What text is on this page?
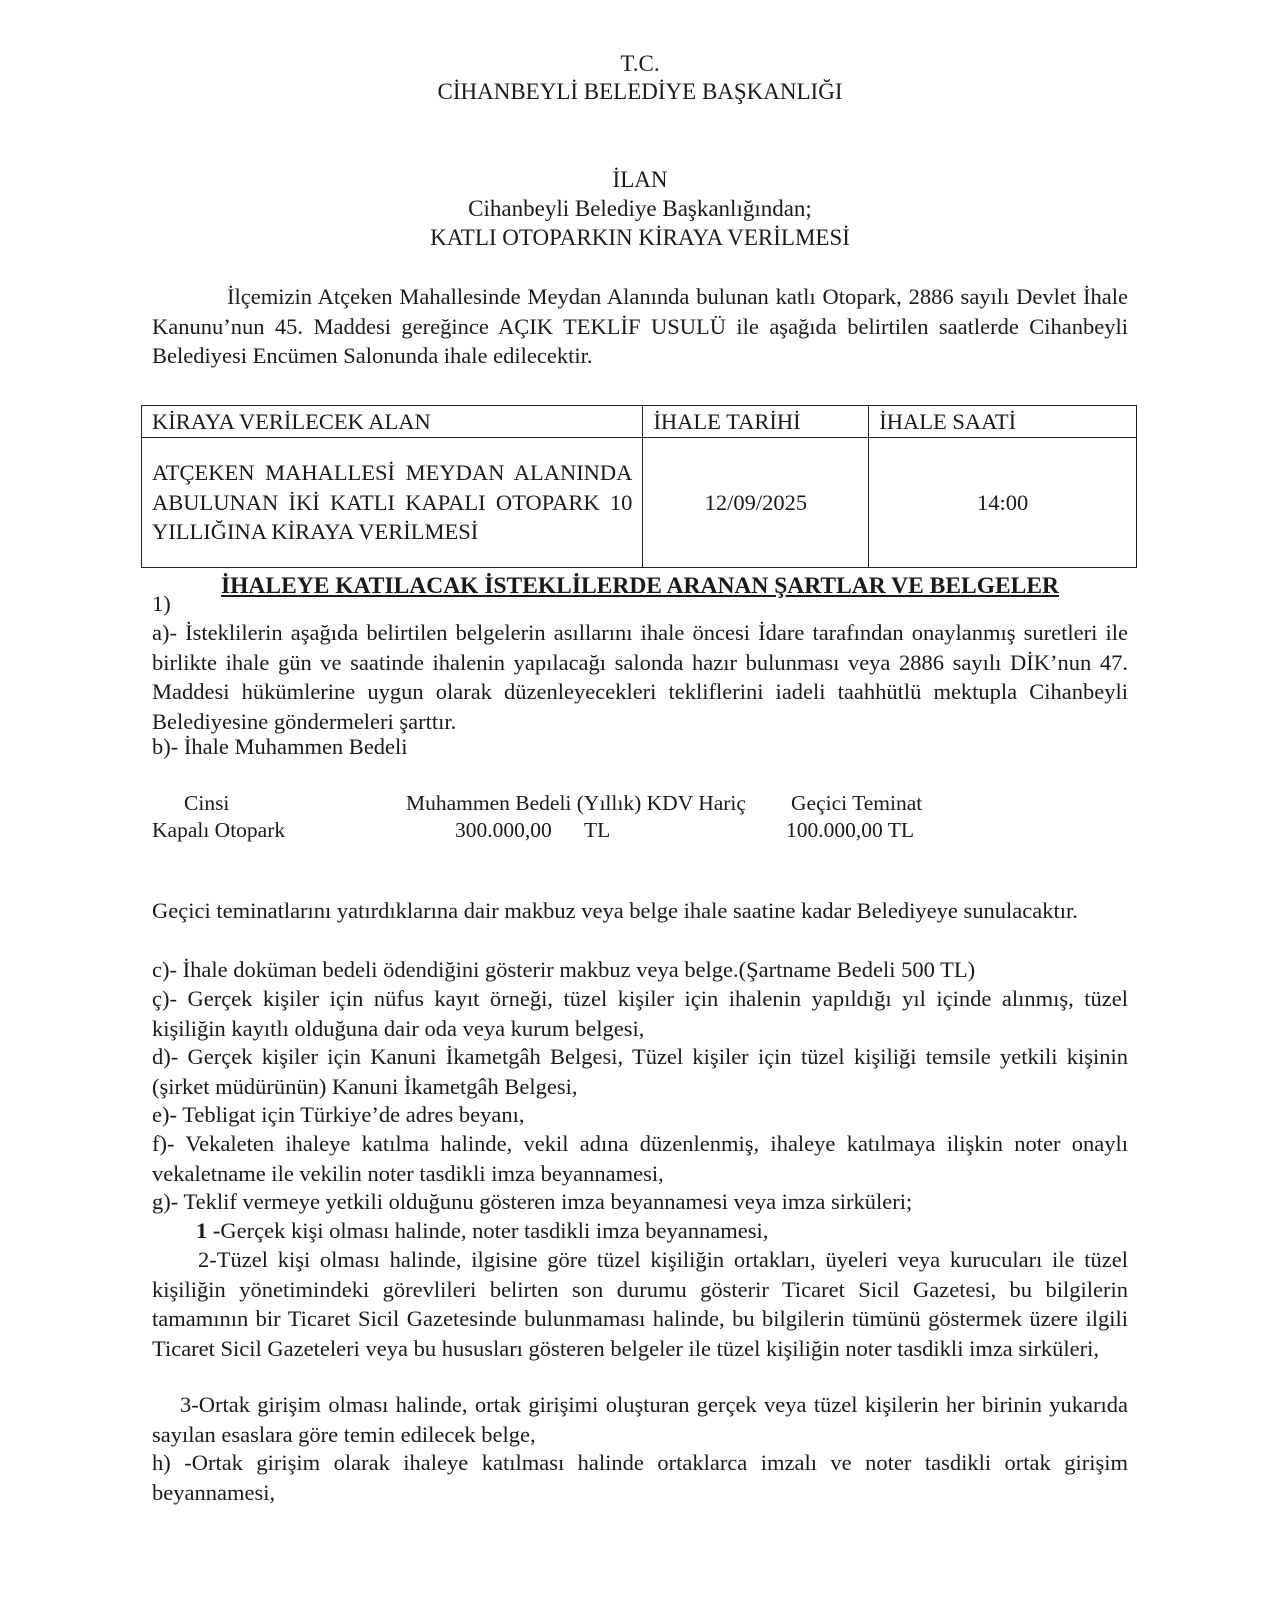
T.C.
CİHANBEYLİ BELEDİYE BAŞKANLIĞI
İLAN
Cihanbeyli Belediye Başkanlığından;
KATLI OTOPARKIN KİRAYA VERİLMESİ
İlçemizin Atçeken Mahallesinde Meydan Alanında bulunan katlı Otopark, 2886 sayılı Devlet İhale Kanunu’nun 45. Maddesi gereğince AÇIK TEKLİF USULÜ ile aşağıda belirtilen saatlerde Cihanbeyli Belediyesi Encümen Salonunda ihale edilecektir.
KİRAYA VERİLECEK ALAN	İHALE TARİHİ	İHALE SAATİ
ATÇEKEN MAHALLESİ MEYDAN ALANINDA ABULUNAN İKİ KATLI KAPALI OTOPARK 10 YILLIĞINA KİRAYA VERİLMESİ	12/09/2025	14:00
İHALEYE KATILACAK İSTEKLİLERDE ARANAN ŞARTLAR VE BELGELER
1)
a)- İsteklilerin aşağıda belirtilen belgelerin asıllarını ihale öncesi İdare tarafından onaylanmış suretleri ile birlikte ihale gün ve saatinde ihalenin yapılacağı salonda hazır bulunması veya 2886 sayılı DİK’nun 47. Maddesi hükümlerine uygun olarak düzenleyecekleri tekliflerini iadeli taahhütlü mektupla Cihanbeyli Belediyesine göndermeleri şarttır.
b)- İhale Muhammen Bedeli
Cinsi	Muhammen Bedeli (Yıllık) KDV Hariç Geçici Teminat
Kapalı Otopark	300.000,00 TL	100.000,00 TL
Geçici teminatlarını yatırdıklarına dair makbuz veya belge ihale saatine kadar Belediyeye sunulacaktır.
c)- İhale doküman bedeli ödendiğini gösterir makbuz veya belge.(Şartname Bedeli 500 TL)
ç)- Gerçek kişiler için nüfus kayıt örneği, tüzel kişiler için ihalenin yapıldığı yıl içinde alınmış, tüzel kişiliğin kayıtlı olduğuna dair oda veya kurum belgesi,
d)- Gerçek kişiler için Kanuni İkametgâh Belgesi, Tüzel kişiler için tüzel kişiliği temsile yetkili kişinin (şirket müdürünün) Kanuni İkametgâh Belgesi,
e)- Tebligat için Türkiye’de adres beyanı,
f)- Vekaleten ihaleye katılma halinde, vekil adına düzenlenmiş, ihaleye katılmaya ilişkin noter onaylı vekaletname ile vekilin noter tasdikli imza beyannamesi,
g)- Teklif vermeye yetkili olduğunu gösteren imza beyannamesi veya imza sirküleri;
1 -Gerçek kişi olması halinde, noter tasdikli imza beyannamesi,
2-Tüzel kişi olması halinde, ilgisine göre tüzel kişiliğin ortakları, üyeleri veya kurucuları ile tüzel kişiliğin yönetimindeki görevlileri belirten son durumu gösterir Ticaret Sicil Gazetesi, bu bilgilerin tamamının bir Ticaret Sicil Gazetesinde bulunmaması halinde, bu bilgilerin tümünü göstermek üzere ilgili Ticaret Sicil Gazeteleri veya bu hususları gösteren belgeler ile tüzel kişiliğin noter tasdikli imza sirküleri,
3-Ortak girişim olması halinde, ortak girişimi oluşturan gerçek veya tüzel kişilerin her birinin yukarıda sayılan esaslara göre temin edilecek belge,
h) -Ortak girişim olarak ihaleye katılması halinde ortaklarca imzalı ve noter tasdikli ortak girişim beyannamesi,
